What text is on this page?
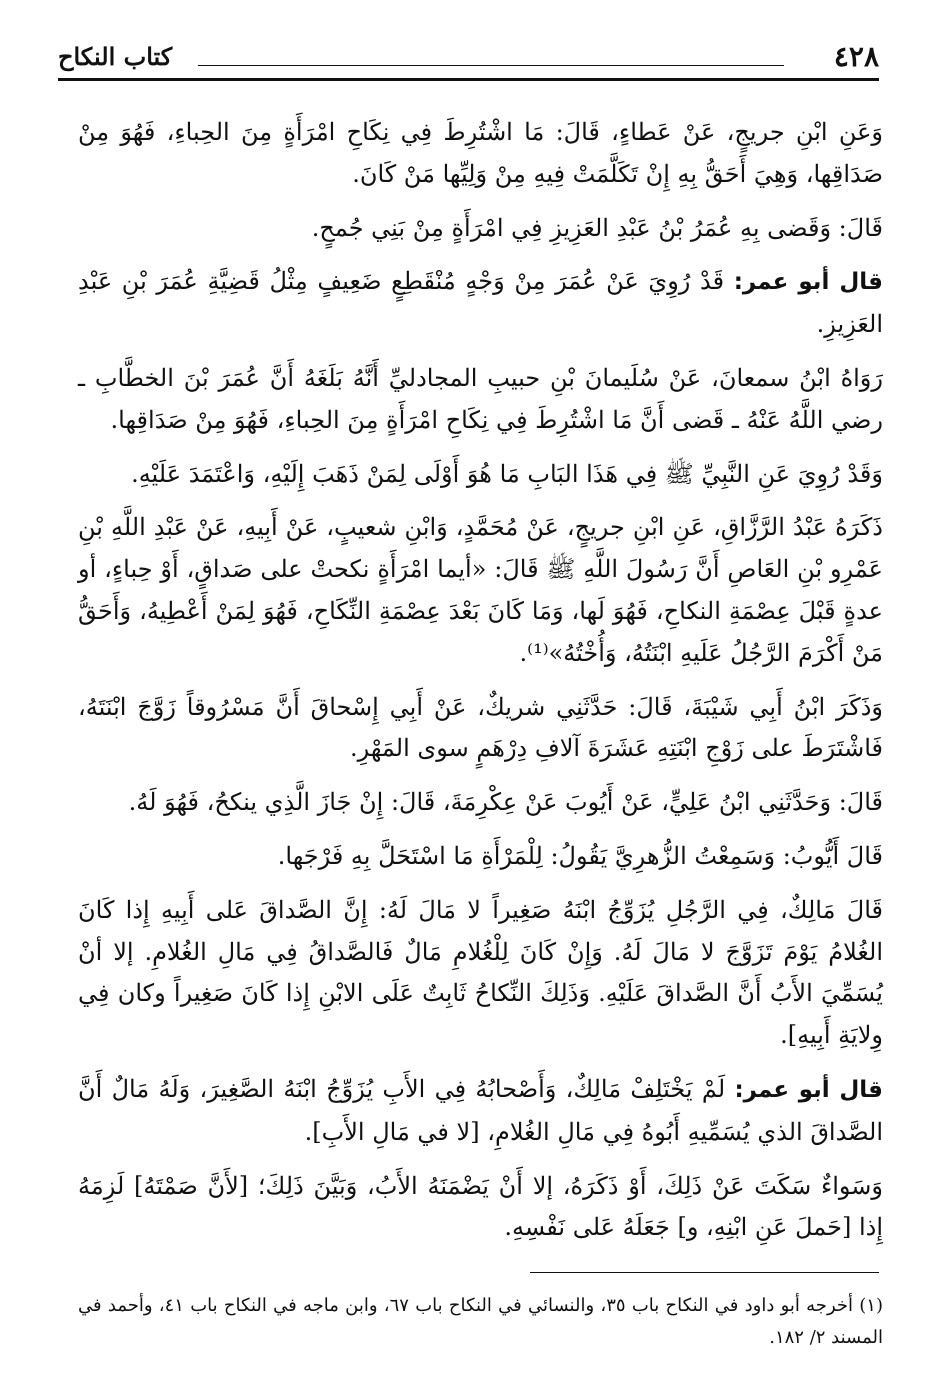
٤٢٨
كتاب النكاح

وَعَنِ ابْنِ جريجٍ، عَنْ عَطاءٍ، قَالَ: مَا اشْتُرِطَ فِي نِكَاحِ امْرَأَةٍ مِنَ الحِباءِ، فَهُوَ مِنْ صَدَاقِها، وَهِيَ أَحَقُّ بِهِ إِنْ تَكَلَّمَتْ فِيهِ مِنْ وَلِيِّها مَنْ كَانَ.

قَالَ: وَقَضى بِهِ عُمَرُ بْنُ عَبْدِ العَزِيزِ فِي امْرَأَةٍ مِنْ بَنِي جُمحٍ.

قال أبو عمر: قَدْ رُوِيَ عَنْ عُمَرَ مِنْ وَجْهٍ مُنْقَطِعٍ ضَعِيفٍ مِثْلُ قَضِيَّةِ عُمَرَ بْنِ عَبْدِ العَزِيزِ.

رَوَاهُ ابْنُ سمعانَ، عَنْ سُلَيمانَ بْنِ حبيبِ المجادليِّ أَنَّهُ بَلَغَهُ أَنَّ عُمَرَ بْنَ الخطَّابِ ـ رضي اللَّهُ عَنْهُ ـ قَضى أَنَّ مَا اشْتُرِطَ فِي نِكَاحِ امْرَأَةٍ مِنَ الحِباءِ، فَهُوَ مِنْ صَدَاقِها.

وَقَدْ رُوِيَ عَنِ النَّبِيِّ ﷺ فِي هَذَا البَابِ مَا هُوَ أَوْلَى لِمَنْ ذَهَبَ إِلَيْهِ، وَاعْتَمَدَ عَلَيْهِ.

ذَكَرَهُ عَبْدُ الرَّزَّاقِ، عَنِ ابْنِ جريجٍ، عَنْ مُحَمَّدٍ، وَابْنِ شعيبٍ، عَنْ أَبِيهِ، عَنْ عَبْدِ اللَّهِ بْنِ عَمْرِو بْنِ العَاصِ أَنَّ رَسُولَ اللَّهِ ﷺ قَالَ: «أيما امْرَأَةٍ نكحتْ على صَداقٍ، أَوْ حِباءٍ، أو عدةٍ قَبْلَ عِصْمَةِ النكاحِ، فَهُوَ لَها، وَمَا كَانَ بَعْدَ عِصْمَةِ النِّكَاحِ، فَهُوَ لِمَنْ أَعْطِيهُ، وَأَحَقُّ مَنْ أَكْرَمَ الرَّجُلُ عَلَيهِ ابْنَتُهُ، وَأُخْتُهُ»⁽¹⁾.

وَذَكَرَ ابْنُ أَبِي شَيْبَةَ، قَالَ: حَدَّثَنِي شريكٌ، عَنْ أَبِي إِسْحاقَ أَنَّ مَسْرُوقاً زَوَّجَ ابْنَتَهُ، فَاشْتَرَطَ على زَوْجِ ابْنَتِهِ عَشَرَةَ آلافِ دِرْهَمٍ سوى المَهْرِ.

قَالَ: وَحَدَّثَنِي ابْنُ عَلِيٍّ، عَنْ أَيُوبَ عَنْ عِكْرِمَةَ، قَالَ: إِنْ جَازَ الَّذِي ينكحُ، فَهُوَ لَهُ.

قَالَ أَيُّوبُ: وَسَمِعْتُ الزُّهرِيَّ يَقُولُ: لِلْمَرْأَةِ مَا اسْتَحَلَّ بِهِ فَرْجَها.

قَالَ مَالِكٌ، فِي الرَّجُلِ يُزَوِّجُ ابْنَهُ صَغِيراً لا مَالَ لَهُ: إِنَّ الصَّداقَ عَلى أَبِيهِ إِذا كَانَ الغُلامُ يَوْمَ تَزَوَّجَ لا مَالَ لَهُ. وَإِنْ كَانَ لِلْغُلامِ مَالٌ فَالصَّداقُ فِي مَالِ الغُلامِ. إلا أنْ يُسَمِّيَ الأَبُ أَنَّ الصَّداقَ عَلَيْهِ. وَذَلِكَ النِّكاحُ ثَابِتٌ عَلَى الابْنِ إِذا كَانَ صَغِيراً وكان فِي وِلايَةِ أَبِيهِ].

قال أبو عمر: لَمْ يَخْتَلِفْ مَالِكٌ، وَأَصْحابُهُ فِي الأَبِ يُزَوِّجُ ابْنَهُ الصَّغِيرَ، وَلَهُ مَالٌ أَنَّ الصَّداقَ الذي يُسَمِّيهِ أَبُوهُ فِي مَالِ الغُلامِ، [لا في مَالِ الأَبِ].

وَسَواءٌ سَكَتَ عَنْ ذَلِكَ، أَوْ ذَكَرَهُ، إلا أَنْ يَضْمَنَهُ الأَبُ، وَبَيَّنَ ذَلِكَ؛ [لأَنَّ صَمْتَهُ] لَزِمَهُ إِذا [حَملَ عَنِ ابْنِهِ، و] جَعَلَهُ عَلى نَفْسِهِ.

(١) أخرجه أبو داود في النكاح باب ٣٥، والنسائي في النكاح باب ٦٧، وابن ماجه في النكاح باب ٤١، وأحمد في المسند ٢/ ١٨٢.
